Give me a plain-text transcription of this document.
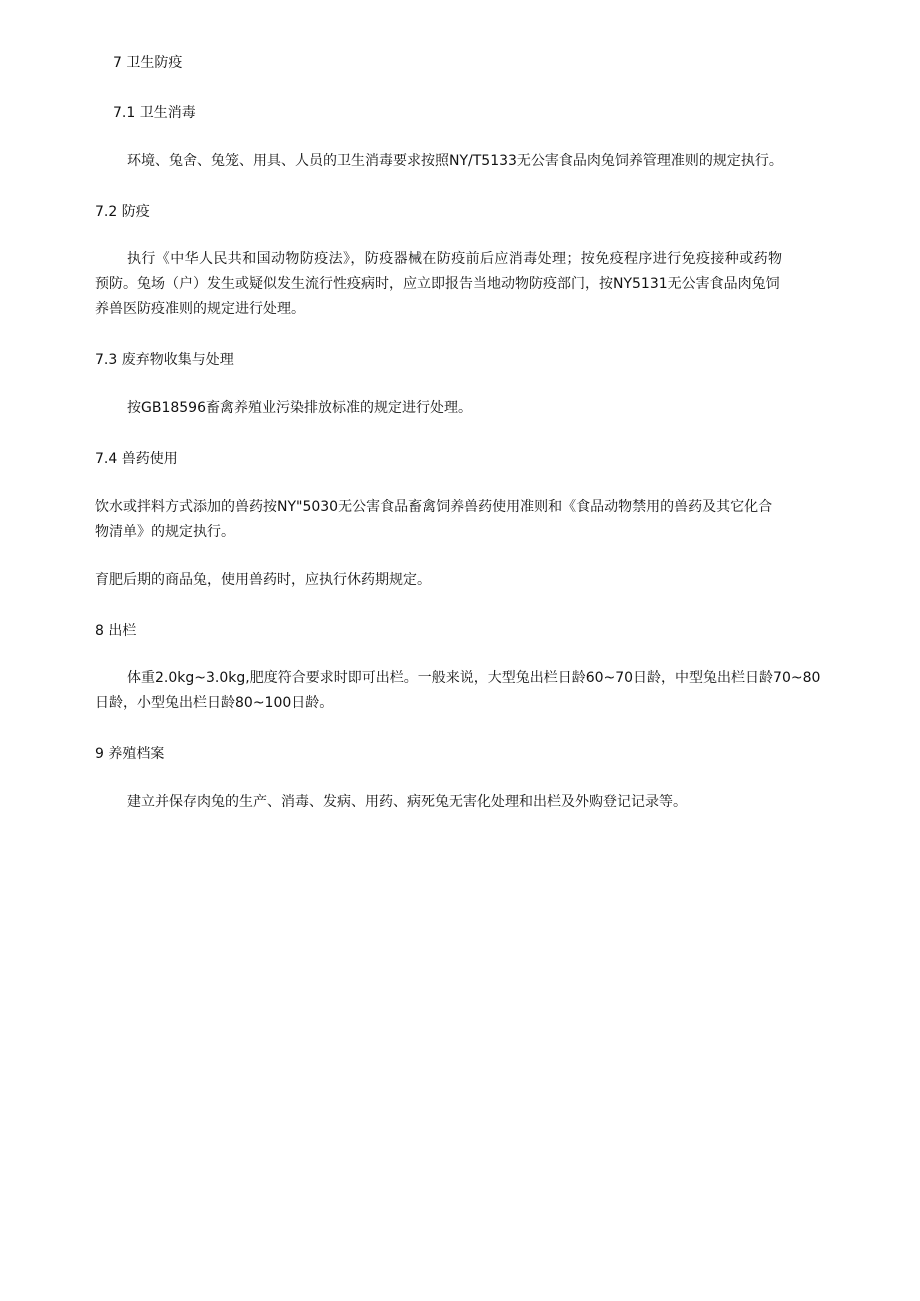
7 卫生防疫

7.1 卫生消毒

环境、兔舍、兔笼、用具、人员的卫生消毒要求按照NY/T5133无公害食品肉兔饲养管理准则的规定执行。

7.2 防疫

执行《中华人民共和国动物防疫法》，防疫器械在防疫前后应消毒处理；按免疫程序进行免疫接种或药物

预防。兔场（户）发生或疑似发生流行性疫病时，应立即报告当地动物防疫部门，按NY5131无公害食品肉兔饲

养兽医防疫准则的规定进行处理。

7.3 废弃物收集与处理

按GB18596畜禽养殖业污染排放标准的规定进行处理。

7.4 兽药使用

饮水或拌料方式添加的兽药按NY"5030无公害食品畜禽饲养兽药使用准则和《食品动物禁用的兽药及其它化合

物清单》的规定执行。

育肥后期的商品兔，使用兽药时，应执行休药期规定。

8 出栏

体重2.0kg~3.0kg,肥度符合要求时即可出栏。一般来说，大型兔出栏日龄60~70日龄，中型兔出栏日龄70~80

日龄，小型兔出栏日龄80~100日龄。

9 养殖档案

建立并保存肉兔的生产、消毒、发病、用药、病死兔无害化处理和出栏及外购登记记录等。
